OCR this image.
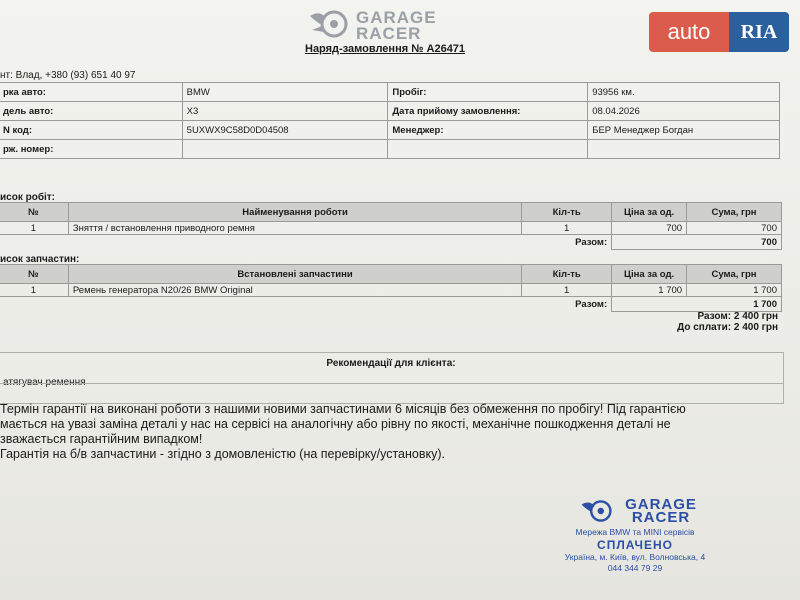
GARAGE
RACER	auto	RIA
Наряд-замовлення № А26471
нт: Влад, +380 (93) 651 40 97
рка авто:	BMW	Пробіг:	93956 км.
дель авто:	X3	Дата прийому замовлення:	08.04.2026
N код:	5UXWX9C58D0D04508	Менеджер:	БЕР Менеджер Богдан
рж. номер:			
исок робіт:
№	Найменування роботи	Кіл-ть	Ціна за од.	Сума, грн
1	Зняття / встановлення приводного ремня	1	700	700
		Разом:	700	
исок запчастин:
№	Встановлені запчастини	Кіл-ть	Ціна за од.	Сума, грн
1	Ремень генератора N20/26 BMW Original	1	1 700	1 700
		Разом:	1 700	
Разом: 2 400 грн
До сплати: 2 400 грн
Рекомендації для клієнта:
атягувач ремення
Термін гарантії на виконані роботи з нашими новими запчастинами 6 місяців без обмеження по пробігу! Під гарантією
мається на увазі заміна деталі у нас на сервісі на аналогічну або рівну по якості, механічне пошкодження деталі не
зважається гарантійним випадком!
Гарантія на б/в запчастини - згідно з домовленістю (на перевірку/установку).
GARAGE
RACER
Мережа BMW та MINI сервісів
СПЛАЧЕНО
Україна, м. Київ, вул. Волновська, 4
044 344 79 29
